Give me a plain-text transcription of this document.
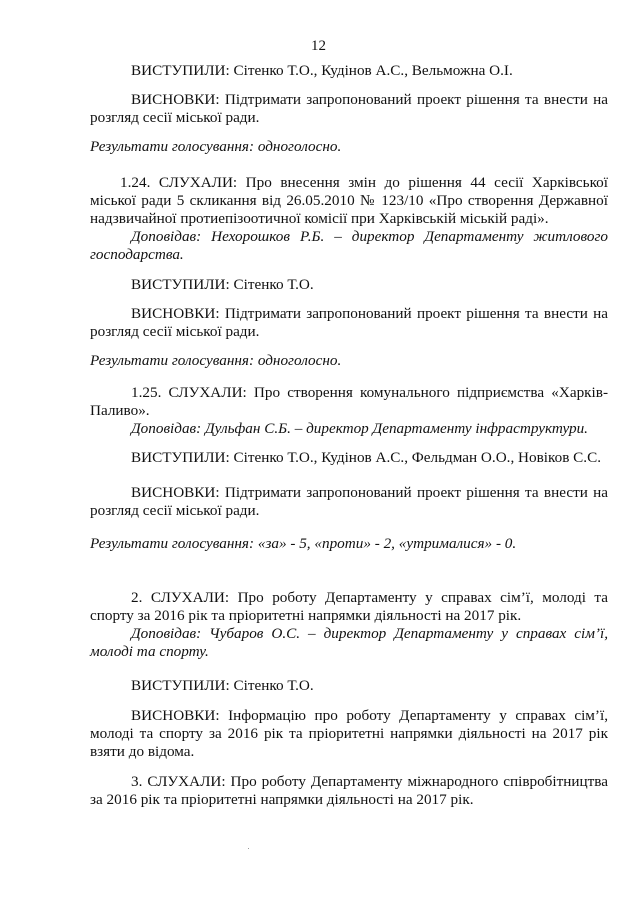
12
ВИСТУПИЛИ: Сітенко Т.О., Кудінов А.С., Вельможна О.І.
ВИСНОВКИ: Підтримати запропонований проект рішення та внести на
розгляд сесії міської ради.
Результати голосування: одноголосно.
1.24. СЛУХАЛИ: Про внесення змін до рішення 44 сесії Харківської
міської ради 5 скликання від 26.05.2010 № 123/10 «Про створення Державної
надзвичайної протиепізоотичної комісії при Харківській міській раді».
Доповідав: Нехорошков Р.Б. – директор Департаменту житлового
господарства.
ВИСТУПИЛИ: Сітенко Т.О.
ВИСНОВКИ: Підтримати запропонований проект рішення та внести на
розгляд сесії міської ради.
Результати голосування: одноголосно.
1.25. СЛУХАЛИ: Про створення комунального підприємства «Харків-
Паливо».
Доповідав: Дульфан С.Б. – директор Департаменту інфраструктури.
ВИСТУПИЛИ: Сітенко Т.О., Кудінов А.С., Фельдман О.О., Новіков С.С.
ВИСНОВКИ: Підтримати запропонований проект рішення та внести на
розгляд сесії міської ради.
Результати голосування: «за» - 5, «проти» - 2, «утрималися» - 0.
2. СЛУХАЛИ: Про роботу Департаменту у справах сім’ї, молоді та
спорту за 2016 рік та пріоритетні напрямки діяльності на 2017 рік.
Доповідав: Чубаров О.С. – директор Департаменту у справах сім’ї,
молоді та спорту.
ВИСТУПИЛИ: Сітенко Т.О.
ВИСНОВКИ: Інформацію про роботу Департаменту у справах сім’ї,
молоді та спорту за 2016 рік та пріоритетні напрямки діяльності на 2017 рік
взяти до відома.
3. СЛУХАЛИ: Про роботу Департаменту міжнародного співробітництва
за 2016 рік та пріоритетні напрямки діяльності на 2017 рік.
